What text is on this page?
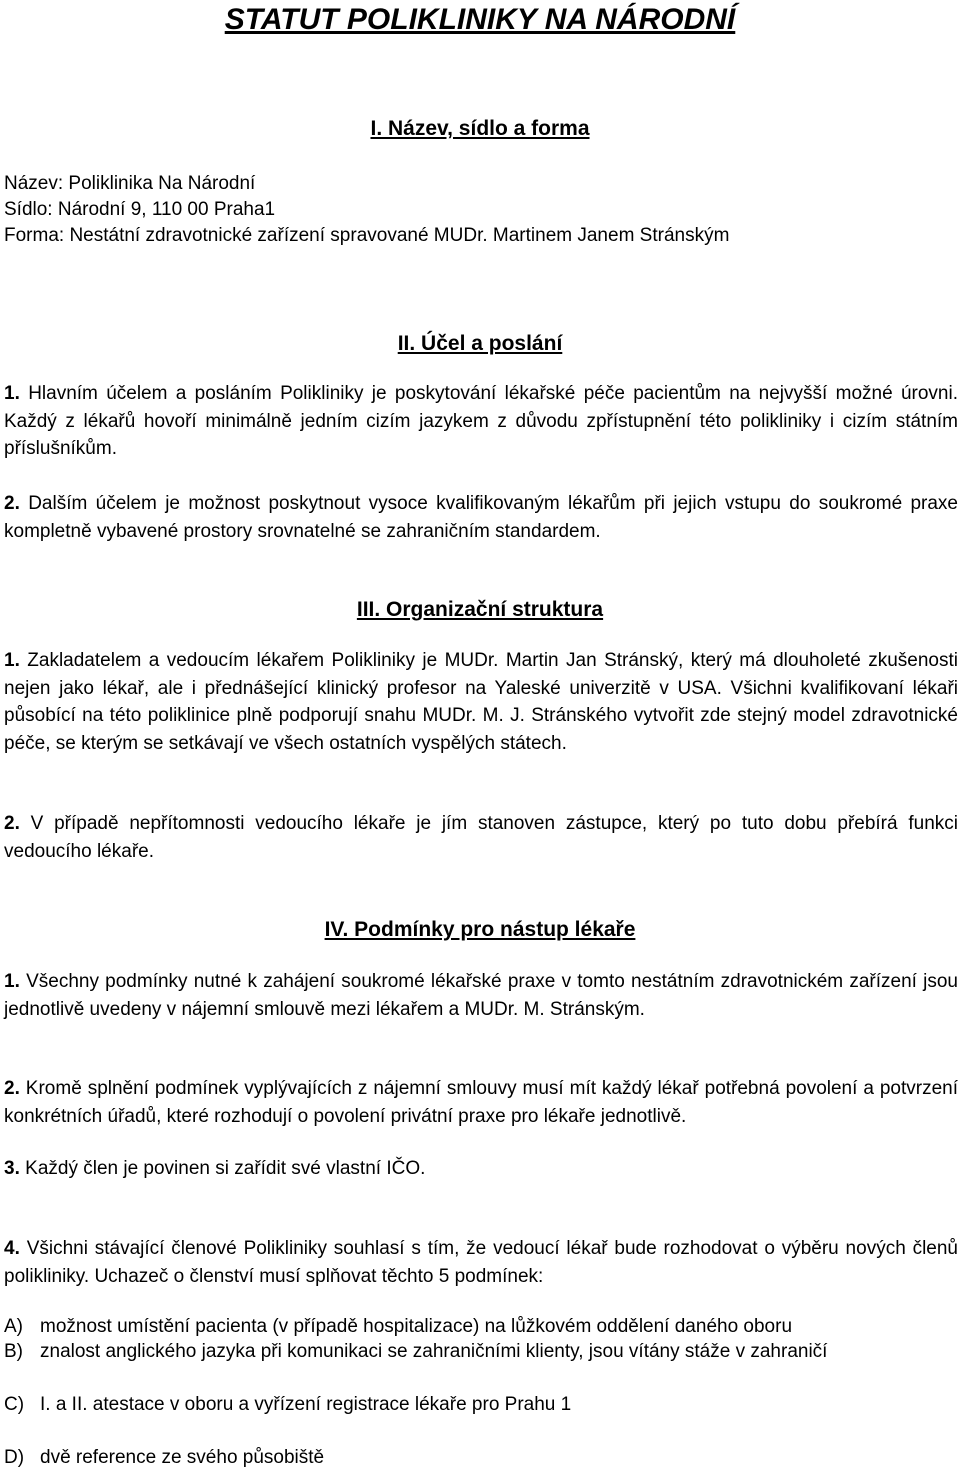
STATUT POLIKLINIKY NA NÁRODNÍ
I. Název, sídlo a forma
Název: Poliklinika Na Národní
Sídlo: Národní 9, 110 00 Praha1
Forma: Nestátní zdravotnické zařízení spravované MUDr. Martinem Janem Stránským
II. Účel a poslání
1. Hlavním účelem a posláním Polikliniky je poskytování lékařské péče pacientům na nejvyšší možné úrovni. Každý z lékařů hovoří minimálně jedním cizím jazykem z důvodu zpřístupnění této polikliniky i cizím státním příslušníkům.
2. Dalším účelem je možnost poskytnout vysoce kvalifikovaným lékařům při jejich vstupu do soukromé praxe kompletně vybavené prostory srovnatelné se zahraničním standardem.
III. Organizační struktura
1. Zakladatelem a vedoucím lékařem Polikliniky je MUDr. Martin Jan Stránský, který má dlouholeté zkušenosti nejen jako lékař, ale i přednášející klinický profesor na Yaleské univerzitě v USA. Všichni kvalifikovaní lékaři působící na této poliklinice plně podporují snahu MUDr. M. J. Stránského vytvořit zde stejný model zdravotnické péče, se kterým se setkávají ve všech ostatních vyspělých státech.
2. V případě nepřítomnosti vedoucího lékaře je jím stanoven zástupce, který po tuto dobu přebírá funkci vedoucího lékaře.
IV. Podmínky pro nástup lékaře
1. Všechny podmínky nutné k zahájení soukromé lékařské praxe v tomto nestátním zdravotnickém zařízení jsou jednotlivě uvedeny v nájemní smlouvě mezi lékařem a MUDr. M. Stránským.
2. Kromě splnění podmínek vyplývajících z nájemní smlouvy musí mít každý lékař potřebná povolení a potvrzení konkrétních úřadů, které rozhodují o povolení privátní praxe pro lékaře jednotlivě.
3. Každý člen je povinen si zařídit své vlastní IČO.
4. Všichni stávající členové Polikliniky souhlasí s tím, že vedoucí lékař bude rozhodovat o výběru nových členů polikliniky. Uchazeč o členství musí splňovat těchto 5 podmínek:
A) možnost umístění pacienta (v případě hospitalizace) na lůžkovém oddělení daného oboru
B) znalost anglického jazyka při komunikaci se zahraničními klienty, jsou vítány stáže v zahraničí
C) I. a II. atestace v oboru a vyřízení registrace lékaře pro Prahu 1
D) dvě reference ze svého působiště
